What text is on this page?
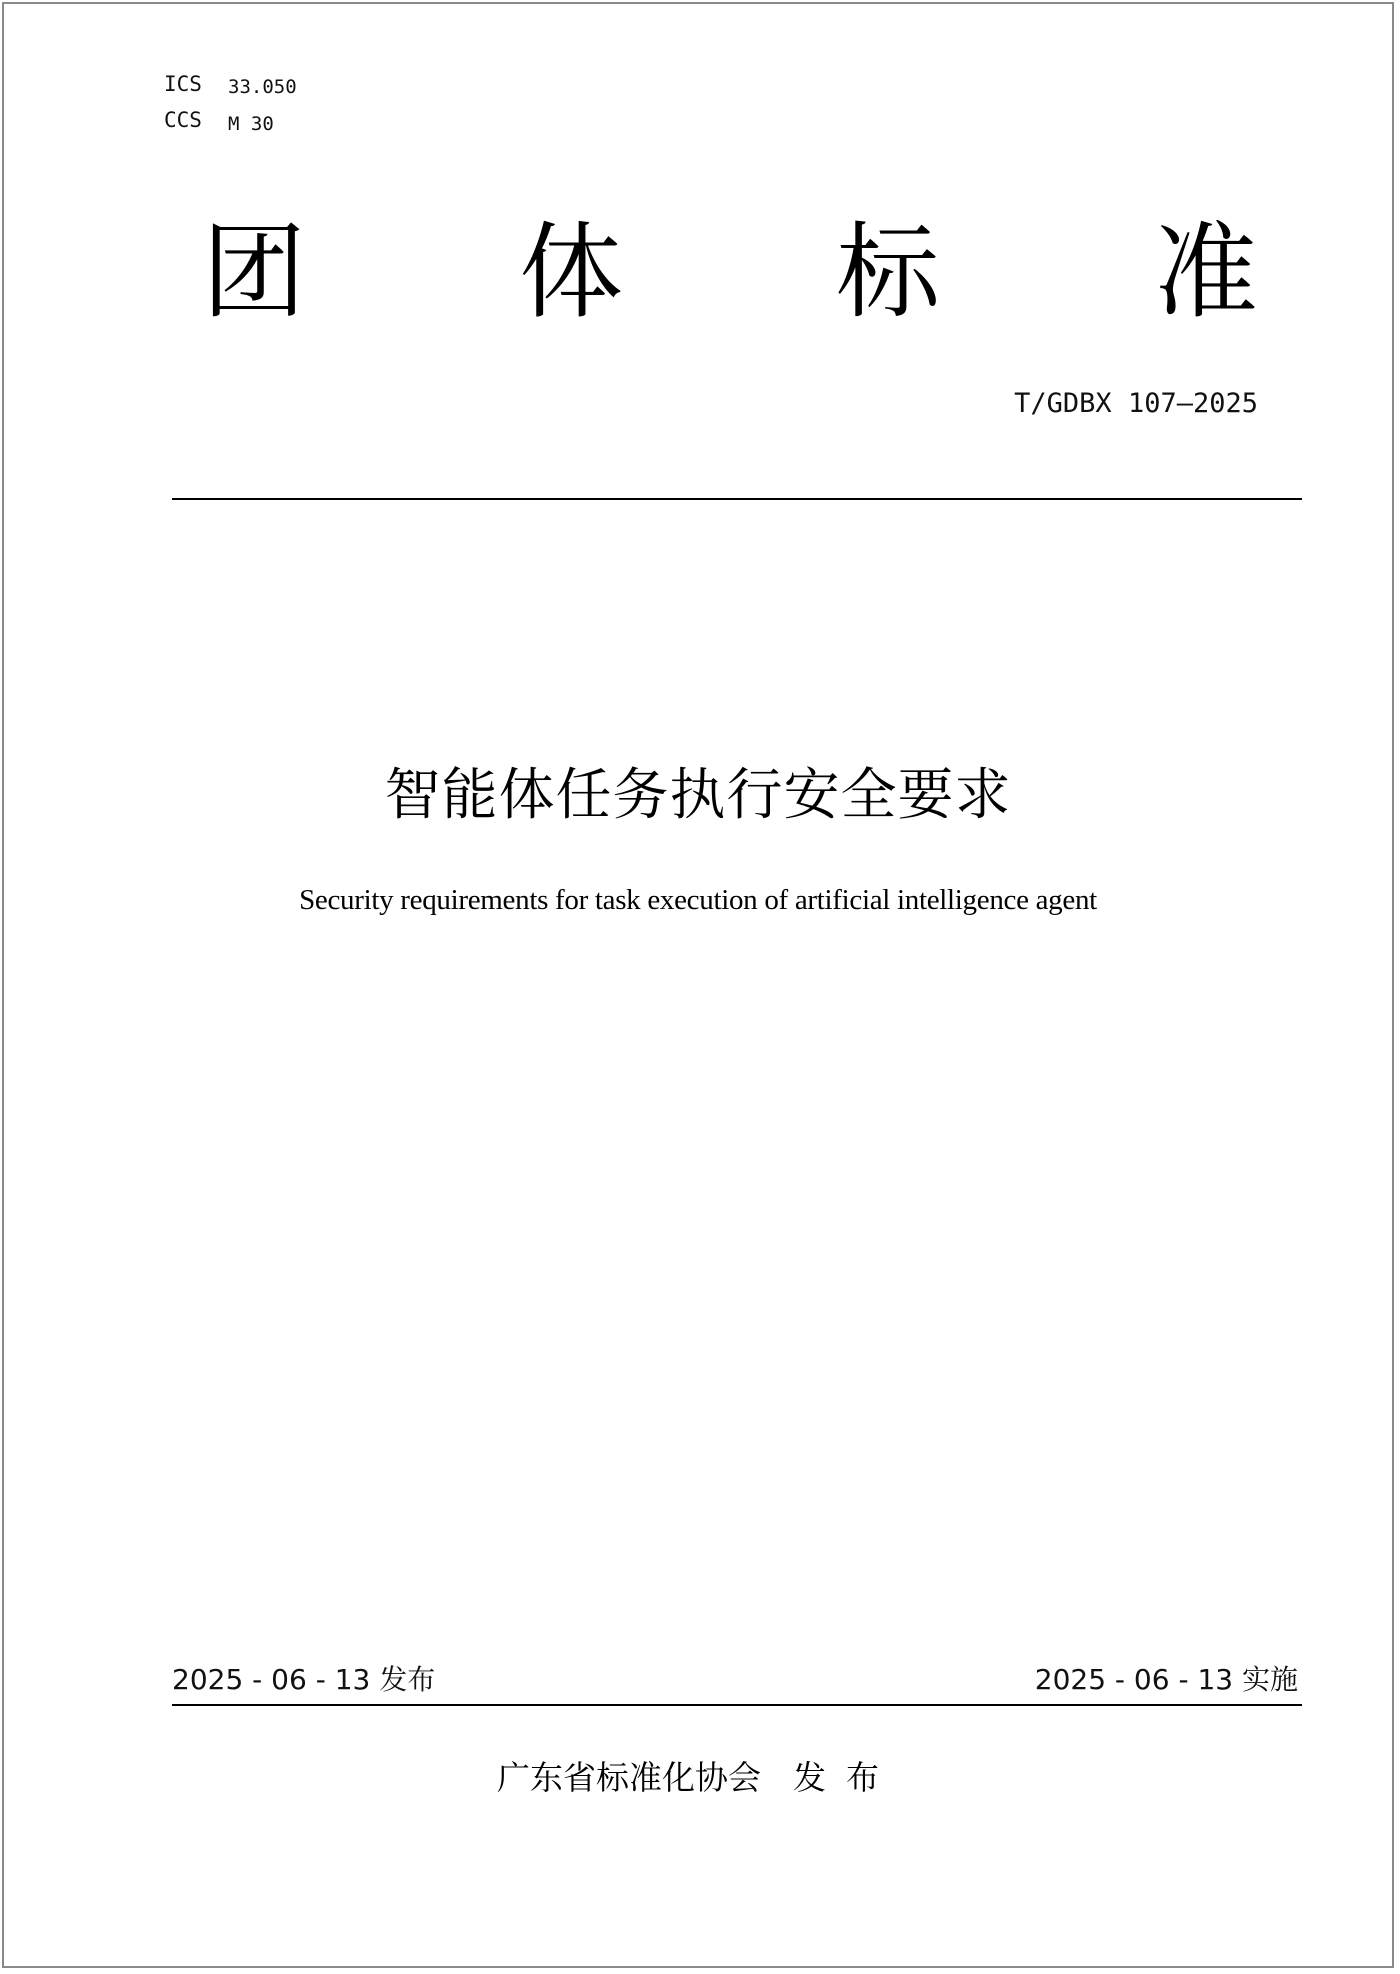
ICS 33.050
CCS M 30
团 体 标 准
T/GDBX 107—2025
智能体任务执行安全要求
Security requirements for task execution of artificial intelligence agent
2025 - 06 - 13 发布	2025 - 06 - 13 实施
广东省标准化协会 发布
